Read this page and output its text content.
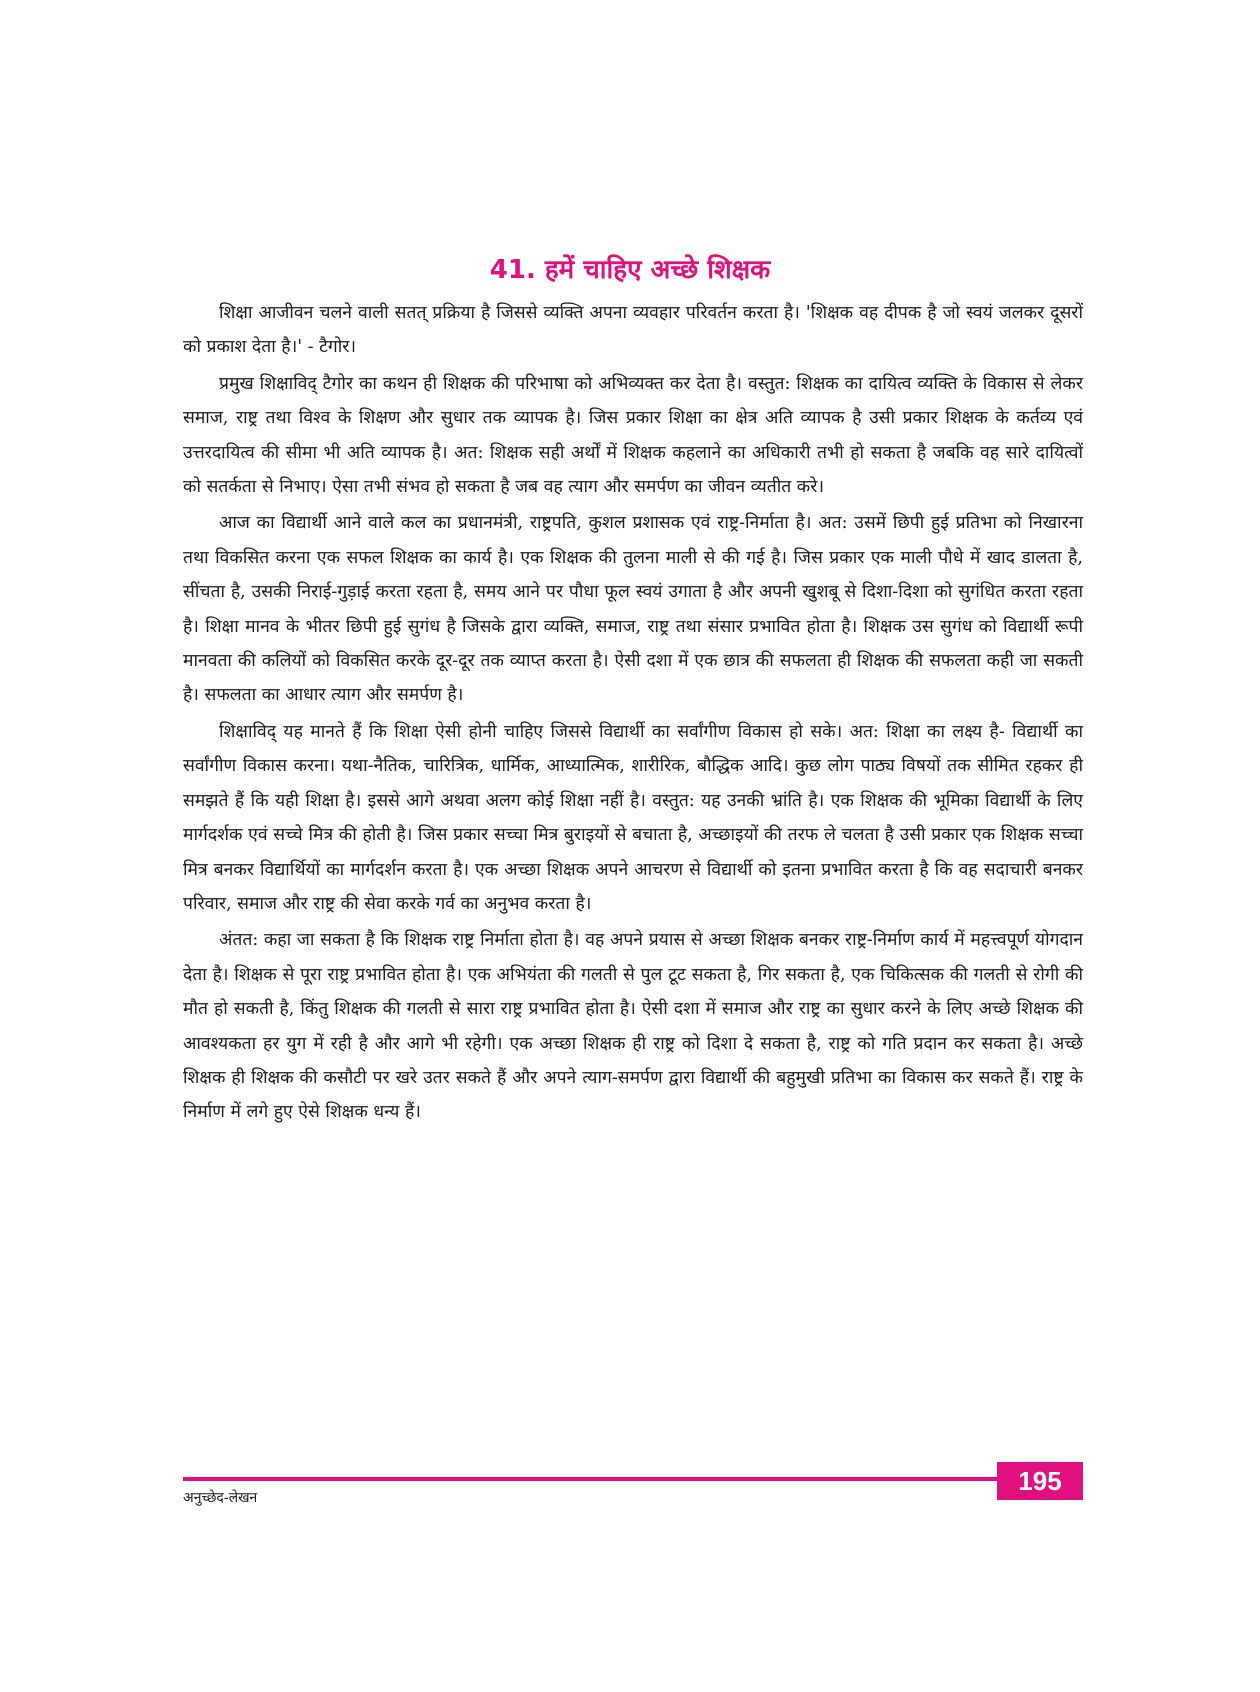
41. हमें चाहिए अच्छे शिक्षक

शिक्षा आजीवन चलने वाली सतत् प्रक्रिया है जिससे व्यक्ति अपना व्यवहार परिवर्तन करता है। 'शिक्षक वह दीपक है जो स्वयं जलकर दूसरों को प्रकाश देता है।' - टैगोर।

प्रमुख शिक्षाविद् टैगोर का कथन ही शिक्षक की परिभाषा को अभिव्यक्त कर देता है। वस्तुत: शिक्षक का दायित्व व्यक्ति के विकास से लेकर समाज, राष्ट्र तथा विश्व के शिक्षण और सुधार तक व्यापक है। जिस प्रकार शिक्षा का क्षेत्र अति व्यापक है उसी प्रकार शिक्षक के कर्तव्य एवं उत्तरदायित्व की सीमा भी अति व्यापक है। अत: शिक्षक सही अर्थों में शिक्षक कहलाने का अधिकारी तभी हो सकता है जबकि वह सारे दायित्वों को सतर्कता से निभाए। ऐसा तभी संभव हो सकता है जब वह त्याग और समर्पण का जीवन व्यतीत करे।

आज का विद्यार्थी आने वाले कल का प्रधानमंत्री, राष्ट्रपति, कुशल प्रशासक एवं राष्ट्र-निर्माता है। अत: उसमें छिपी हुई प्रतिभा को निखारना तथा विकसित करना एक सफल शिक्षक का कार्य है। एक शिक्षक की तुलना माली से की गई है। जिस प्रकार एक माली पौधे में खाद डालता है, सींचता है, उसकी निराई-गुड़ाई करता रहता है, समय आने पर पौधा फूल स्वयं उगाता है और अपनी खुशबू से दिशा-दिशा को सुगंधित करता रहता है। शिक्षा मानव के भीतर छिपी हुई सुगंध है जिसके द्वारा व्यक्ति, समाज, राष्ट्र तथा संसार प्रभावित होता है। शिक्षक उस सुगंध को विद्यार्थी रूपी मानवता की कलियों को विकसित करके दूर-दूर तक व्याप्त करता है। ऐसी दशा में एक छात्र की सफलता ही शिक्षक की सफलता कही जा सकती है। सफलता का आधार त्याग और समर्पण है।

शिक्षाविद् यह मानते हैं कि शिक्षा ऐसी होनी चाहिए जिससे विद्यार्थी का सर्वांगीण विकास हो सके। अत: शिक्षा का लक्ष्य है- विद्यार्थी का सर्वांगीण विकास करना। यथा-नैतिक, चारित्रिक, धार्मिक, आध्यात्मिक, शारीरिक, बौद्धिक आदि। कुछ लोग पाठ्य विषयों तक सीमित रहकर ही समझते हैं कि यही शिक्षा है। इससे आगे अथवा अलग कोई शिक्षा नहीं है। वस्तुत: यह उनकी भ्रांति है। एक शिक्षक की भूमिका विद्यार्थी के लिए मार्गदर्शक एवं सच्चे मित्र की होती है। जिस प्रकार सच्चा मित्र बुराइयों से बचाता है, अच्छाइयों की तरफ ले चलता है उसी प्रकार एक शिक्षक सच्चा मित्र बनकर विद्यार्थियों का मार्गदर्शन करता है। एक अच्छा शिक्षक अपने आचरण से विद्यार्थी को इतना प्रभावित करता है कि वह सदाचारी बनकर परिवार, समाज और राष्ट्र की सेवा करके गर्व का अनुभव करता है।

अंतत: कहा जा सकता है कि शिक्षक राष्ट्र निर्माता होता है। वह अपने प्रयास से अच्छा शिक्षक बनकर राष्ट्र-निर्माण कार्य में महत्त्वपूर्ण योगदान देता है। शिक्षक से पूरा राष्ट्र प्रभावित होता है। एक अभियंता की गलती से पुल टूट सकता है, गिर सकता है, एक चिकित्सक की गलती से रोगी की मौत हो सकती है, किंतु शिक्षक की गलती से सारा राष्ट्र प्रभावित होता है। ऐसी दशा में समाज और राष्ट्र का सुधार करने के लिए अच्छे शिक्षक की आवश्यकता हर युग में रही है और आगे भी रहेगी। एक अच्छा शिक्षक ही राष्ट्र को दिशा दे सकता है, राष्ट्र को गति प्रदान कर सकता है। अच्छे शिक्षक ही शिक्षक की कसौटी पर खरे उतर सकते हैं और अपने त्याग-समर्पण द्वारा विद्यार्थी की बहुमुखी प्रतिभा का विकास कर सकते हैं। राष्ट्र के निर्माण में लगे हुए ऐसे शिक्षक धन्य हैं।

अनुच्छेद-लेखन
195
